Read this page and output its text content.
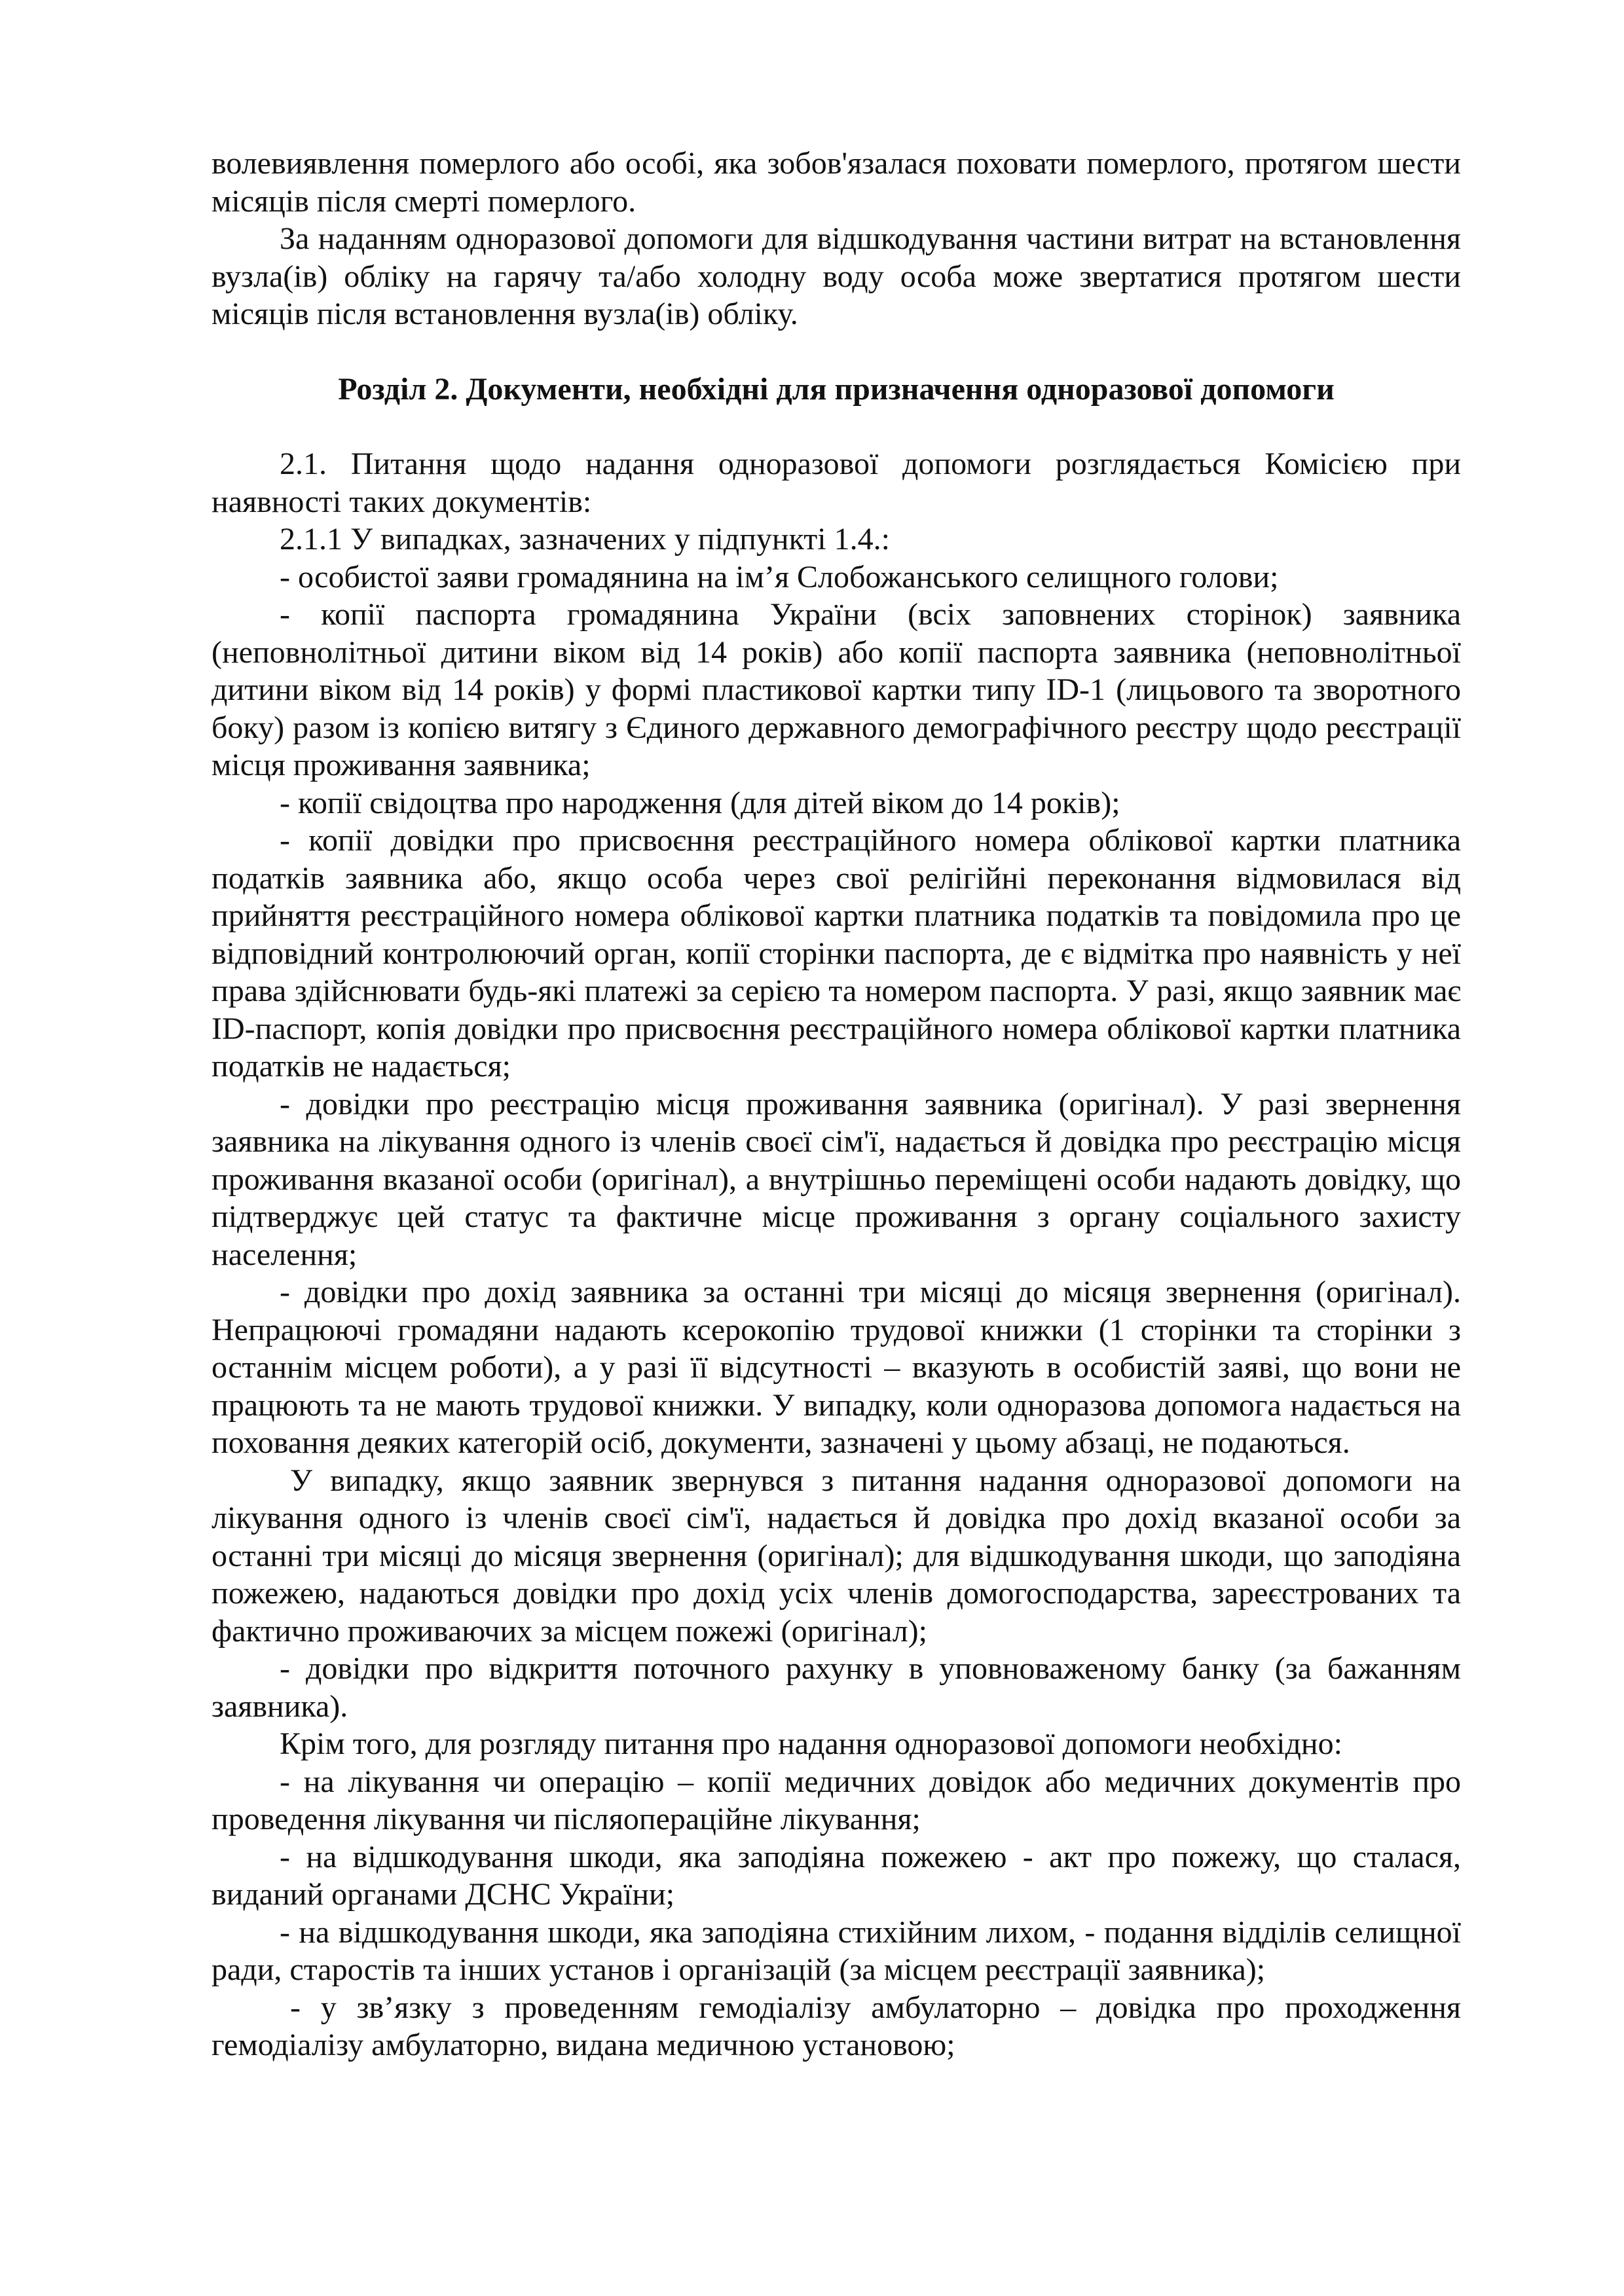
волевиявлення померлого або особі, яка зобов'язалася поховати померлого, протягом шести місяців після смерті померлого.

За наданням одноразової допомоги для відшкодування частини витрат на встановлення вузла(ів) обліку на гарячу та/або холодну воду особа може звертатися протягом шести місяців після встановлення вузла(ів) обліку.

Розділ 2. Документи, необхідні для призначення одноразової допомоги

2.1. Питання щодо надання одноразової допомоги розглядається Комісією при наявності таких документів:

2.1.1 У випадках, зазначених у підпункті 1.4.:

- особистої заяви громадянина на ім’я Слобожанського селищного голови;

- копії паспорта громадянина України (всіх заповнених сторінок) заявника (неповнолітньої дитини віком від 14 років) або копії паспорта заявника (неповнолітньої дитини віком від 14 років) у формі пластикової картки типу ID-1 (лицьового та зворотного боку) разом із копією витягу з Єдиного державного демографічного реєстру щодо реєстрації місця проживання заявника;

- копії свідоцтва про народження (для дітей віком до 14 років);

- копії довідки про присвоєння реєстраційного номера облікової картки платника податків заявника або, якщо особа через свої релігійні переконання відмовилася від прийняття реєстраційного номера облікової картки платника податків та повідомила про це відповідний контролюючий орган, копії сторінки паспорта, де є відмітка про наявність у неї права здійснювати будь-які платежі за серією та номером паспорта. У разі, якщо заявник має ID-паспорт, копія довідки про присвоєння реєстраційного номера облікової картки платника податків не надається;

- довідки про реєстрацію місця проживання заявника (оригінал). У разі звернення заявника на лікування одного із членів своєї сім'ї, надається й довідка про реєстрацію місця проживання вказаної особи (оригінал), а внутрішньо переміщені особи надають довідку, що підтверджує цей статус та фактичне місце проживання з органу соціального захисту населення;

- довідки про дохід заявника за останні три місяці до місяця звернення (оригінал). Непрацюючі громадяни надають ксерокопію трудової книжки (1 сторінки та сторінки з останнім місцем роботи), а у разі її відсутності – вказують в особистій заяві, що вони не працюють та не мають трудової книжки. У випадку, коли одноразова допомога надається на поховання деяких категорій осіб, документи, зазначені у цьому абзаці, не подаються.

У випадку, якщо заявник звернувся з питання надання одноразової допомоги на лікування одного із членів своєї сім'ї, надається й довідка про дохід вказаної особи за останні три місяці до місяця звернення (оригінал); для відшкодування шкоди, що заподіяна пожежею, надаються довідки про дохід усіх членів домогосподарства, зареєстрованих та фактично проживаючих за місцем пожежі (оригінал);

- довідки про відкриття поточного рахунку в уповноваженому банку (за бажанням заявника).

Крім того, для розгляду питання про надання одноразової допомоги необхідно:

- на лікування чи операцію – копії медичних довідок або медичних документів про проведення лікування чи післяопераційне лікування;

- на відшкодування шкоди, яка заподіяна пожежею - акт про пожежу, що сталася, виданий органами ДСНС України;

- на відшкодування шкоди, яка заподіяна стихійним лихом, - подання відділів селищної ради, старостів та інших установ і організацій (за місцем реєстрації заявника);

- у зв’язку з проведенням гемодіалізу амбулаторно – довідка про проходження гемодіалізу амбулаторно, видана медичною установою;
